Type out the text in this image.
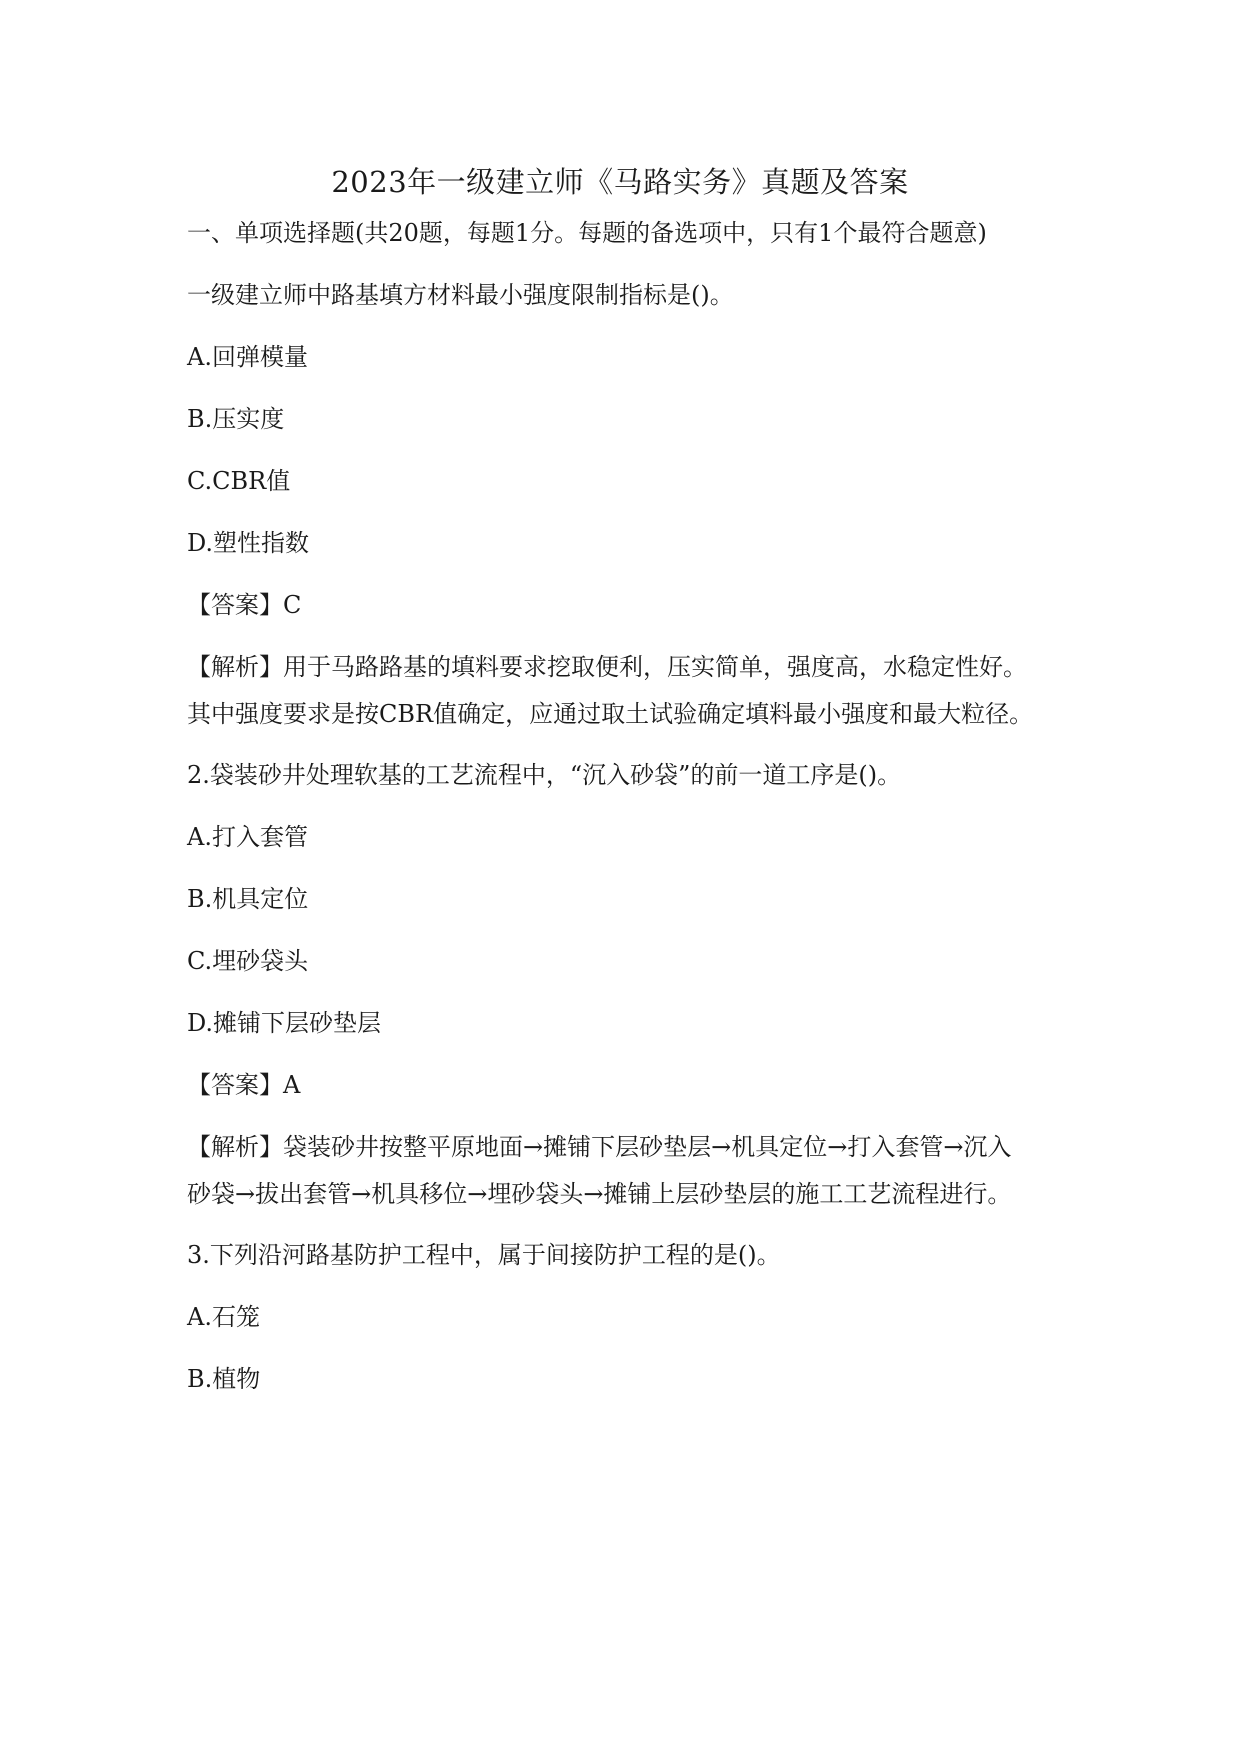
2023年一级建立师《马路实务》真题及答案
一、单项选择题(共20题，每题1分。每题的备选项中，只有1个最符合题意)
一级建立师中路基填方材料最小强度限制指标是()。
A.回弹模量
B.压实度
C.CBR值
D.塑性指数
【答案】C
【解析】用于马路路基的填料要求挖取便利，压实简单，强度高，水稳定性好。
其中强度要求是按CBR值确定，应通过取土试验确定填料最小强度和最大粒径。
2.袋装砂井处理软基的工艺流程中，“沉入砂袋”的前一道工序是()。
A.打入套管
B.机具定位
C.埋砂袋头
D.摊铺下层砂垫层
【答案】A
【解析】袋装砂井按整平原地面→摊铺下层砂垫层→机具定位→打入套管→沉入
砂袋→拔出套管→机具移位→埋砂袋头→摊铺上层砂垫层的施工工艺流程进行。
3.下列沿河路基防护工程中，属于间接防护工程的是()。
A.石笼
B.植物
